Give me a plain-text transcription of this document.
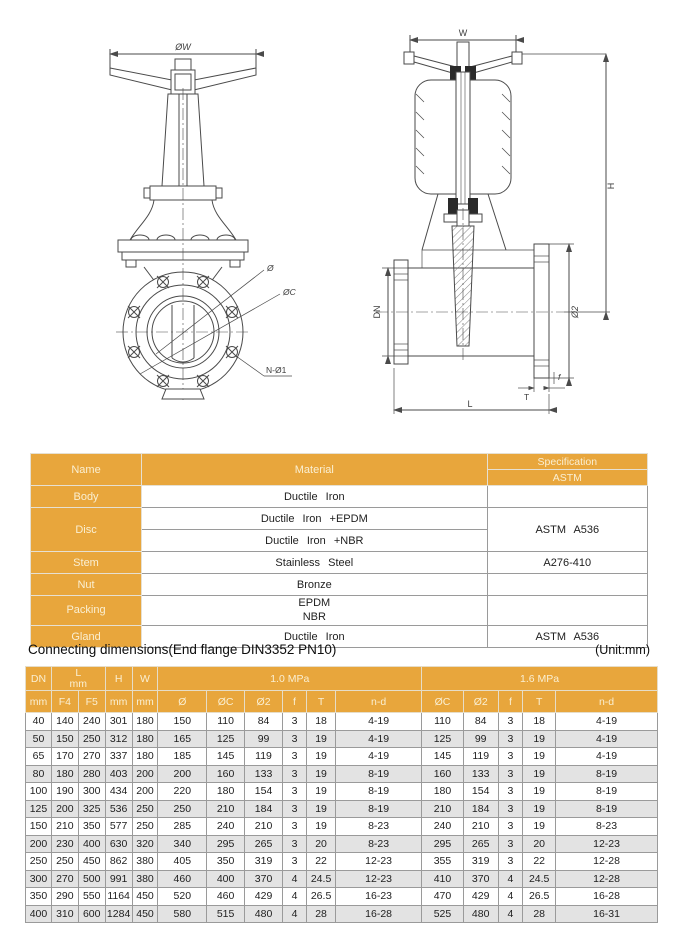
ØW
Ø
ØC
N-Ø1
W
DN	Ø2
H
T
f
L
Name	Material	Specification
		ASTM
Body	Ductile Iron	
Disc	Ductile Iron +EPDM	ASTM A536
	Ductile Iron +NBR	
Stem	Stainless Steel	A276-410
Nut	Bronze	
Packing	EPDM
NBR	

Gland	Ductile Iron	ASTM A536
Connecting dimensions(End flange DIN3352 PN10)	(Unit:mm)
DN	L
mm		H	W	1.0 MPa						1.6 MPa				
mm	F4	F5	mm	mm	Ø	ØC	Ø2	f	T	n-d	ØC	Ø2	f	T	n-d
40	140	240	301	180	150	110	84	3	18	4-19	110	84	3	18	4-19
50	150	250	312	180	165	125	99	3	19	4-19	125	99	3	19	4-19
65	170	270	337	180	185	145	119	3	19	4-19	145	119	3	19	4-19
80	180	280	403	200	200	160	133	3	19	8-19	160	133	3	19	8-19
100	190	300	434	200	220	180	154	3	19	8-19	180	154	3	19	8-19
125	200	325	536	250	250	210	184	3	19	8-19	210	184	3	19	8-19
150	210	350	577	250	285	240	210	3	19	8-23	240	210	3	19	8-23
200	230	400	630	320	340	295	265	3	20	8-23	295	265	3	20	12-23
250	250	450	862	380	405	350	319	3	22	12-23	355	319	3	22	12-28
300	270	500	991	380	460	400	370	4	24.5	12-23	410	370	4	24.5	12-28
350	290	550	1164	450	520	460	429	4	26.5	16-23	470	429	4	26.5	16-28
400	310	600	1284	450	580	515	480	4	28	16-28	525	480	4	28	16-31
